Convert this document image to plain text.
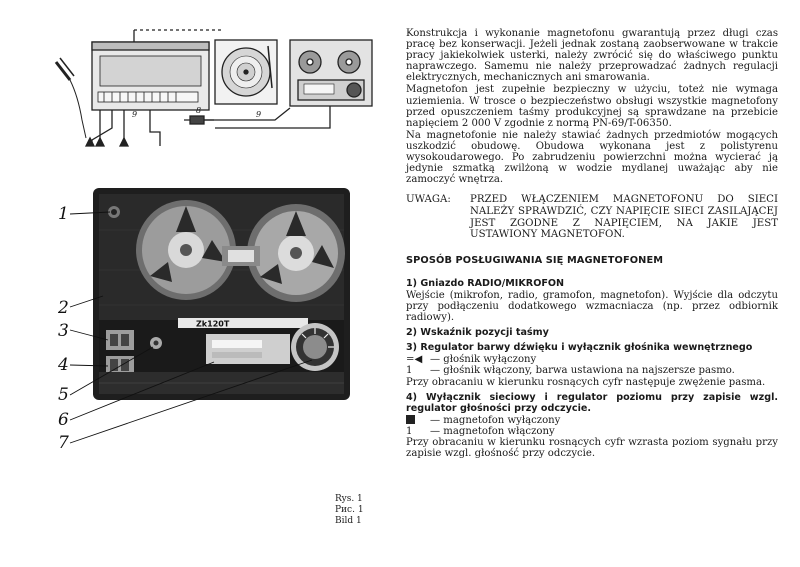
Zk120T
1
2
3
4
5
6
7
9	9
8
Rys. 1
Рис. 1
Bild 1

Konstrukcja i wykonanie magnetofonu gwarantują przez długi czas pracę bez konserwacji. Jeżeli jednak zostaną zaobserwowane w trakcie pracy jakiekolwiek usterki, należy zwrócić się do właściwego punktu naprawczego. Samemu nie należy przeprowadzać żadnych regulacji elektrycznych, mechanicznych ani smarowania.

Magnetofon jest zupełnie bezpieczny w użyciu, toteż nie wymaga uziemienia. W trosce o bezpieczeństwo obsługi wszystkie magnetofony przed opuszczeniem taśmy produkcyjnej są sprawdzane na przebicie napięciem 2 000 V zgodnie z normą PN-69/T-06350.

Na magnetofonie nie należy stawiać żadnych przedmiotów mogących uszkodzić obudowę. Obudowa wykonana jest z polistyrenu wysokoudarowego. Po zabrudzeniu powierzchni można wycierać ją jedynie szmatką zwilżoną w wodzie mydlanej uważając aby nie zamoczyć wnętrza.

UWAGA:	PRZED WŁĄCZENIEM MAGNETOFONU DO SIECI NALEŻY SPRAWDZIĆ, CZY NAPIĘCIE SIECI ZASILAJĄCEJ JEST ZGODNE Z NAPIĘCIEM, NA JAKIE JEST USTAWIONY MAGNETOFON.
SPOSÓB POSŁUGIWANIA SIĘ MAGNETOFONEM
1) Gniazdo RADIO/MIKROFON

Wejście (mikrofon, radio, gramofon, magnetofon). Wyjście dla odczytu przy podłączeniu dodatkowego wzmacniacza (np. przez odbiornik radiowy).

2) Wskaźnik pozycji taśmy
3) Regulator barwy dźwięku i wyłącznik głośnika wewnętrznego
=◀ — głośnik wyłączony
1	— głośnik włączony, barwa ustawiona na najszersze pasmo.

Przy obracaniu w kierunku rosnących cyfr następuje zwężenie pasma.

4) Wyłącznik sieciowy i regulator poziomu przy zapisie wzgl. regulator głośności przy odczycie.
— magnetofon wyłączony
1	— magnetofon włączony

Przy obracaniu w kierunku rosnących cyfr wzrasta poziom sygnału przy zapisie wzgl. głośność przy odczycie.
